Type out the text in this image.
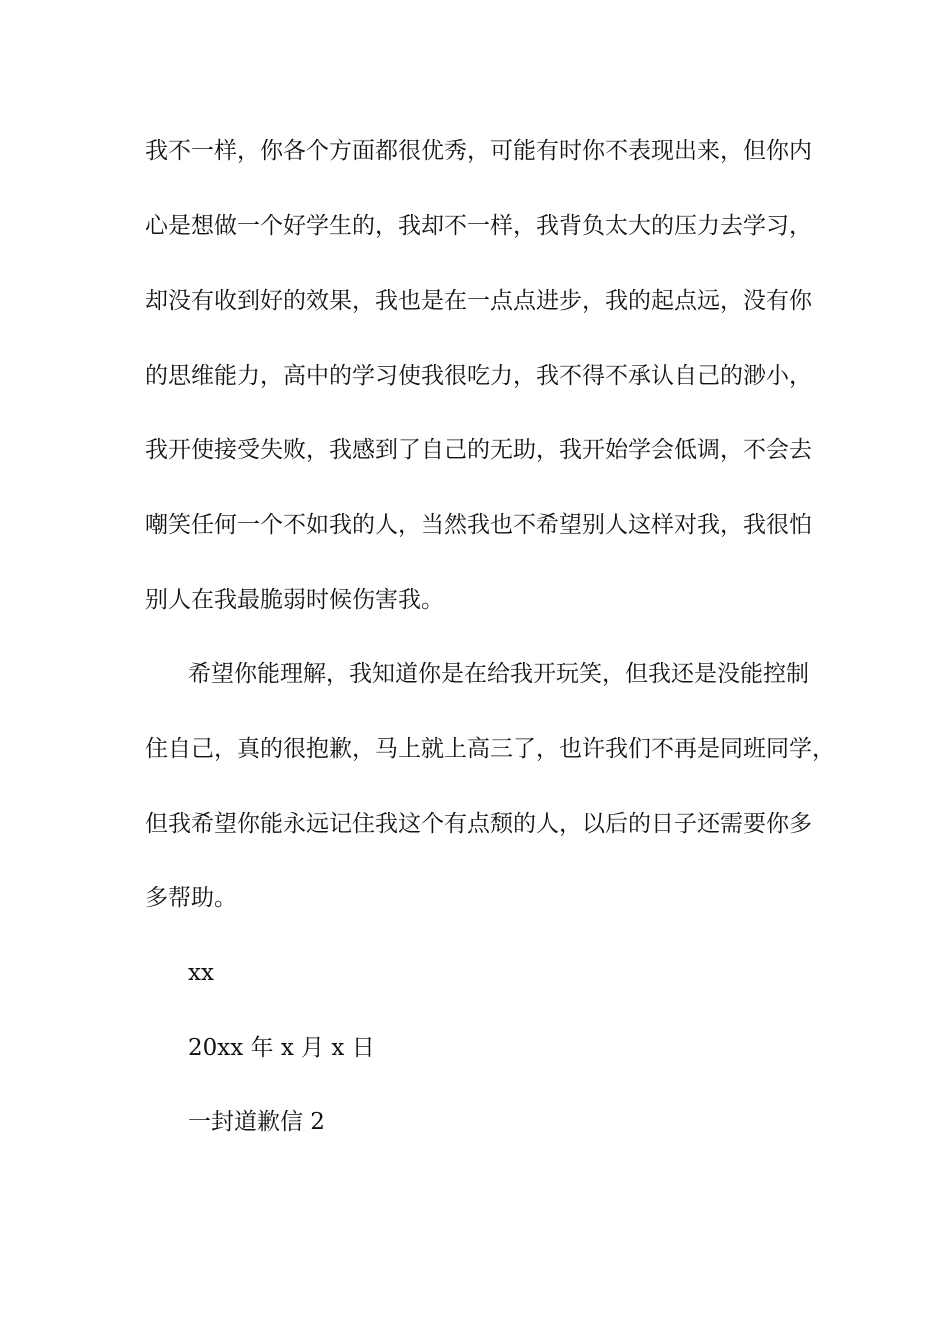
我不一样，你各个方面都很优秀，可能有时你不表现出来，但你内
心是想做一个好学生的，我却不一样，我背负太大的压力去学习，
却没有收到好的效果，我也是在一点点进步，我的起点远，没有你
的思维能力，高中的学习使我很吃力，我不得不承认自己的渺小，
我开使接受失败，我感到了自己的无助，我开始学会低调，不会去
嘲笑任何一个不如我的人，当然我也不希望别人这样对我，我很怕
别人在我最脆弱时候伤害我。
希望你能理解，我知道你是在给我开玩笑，但我还是没能控制
住自己，真的很抱歉，马上就上高三了，也许我们不再是同班同学，
但我希望你能永远记住我这个有点颓的人，以后的日子还需要你多
多帮助。
xx
20xx 年 x 月 x 日
一封道歉信 2
